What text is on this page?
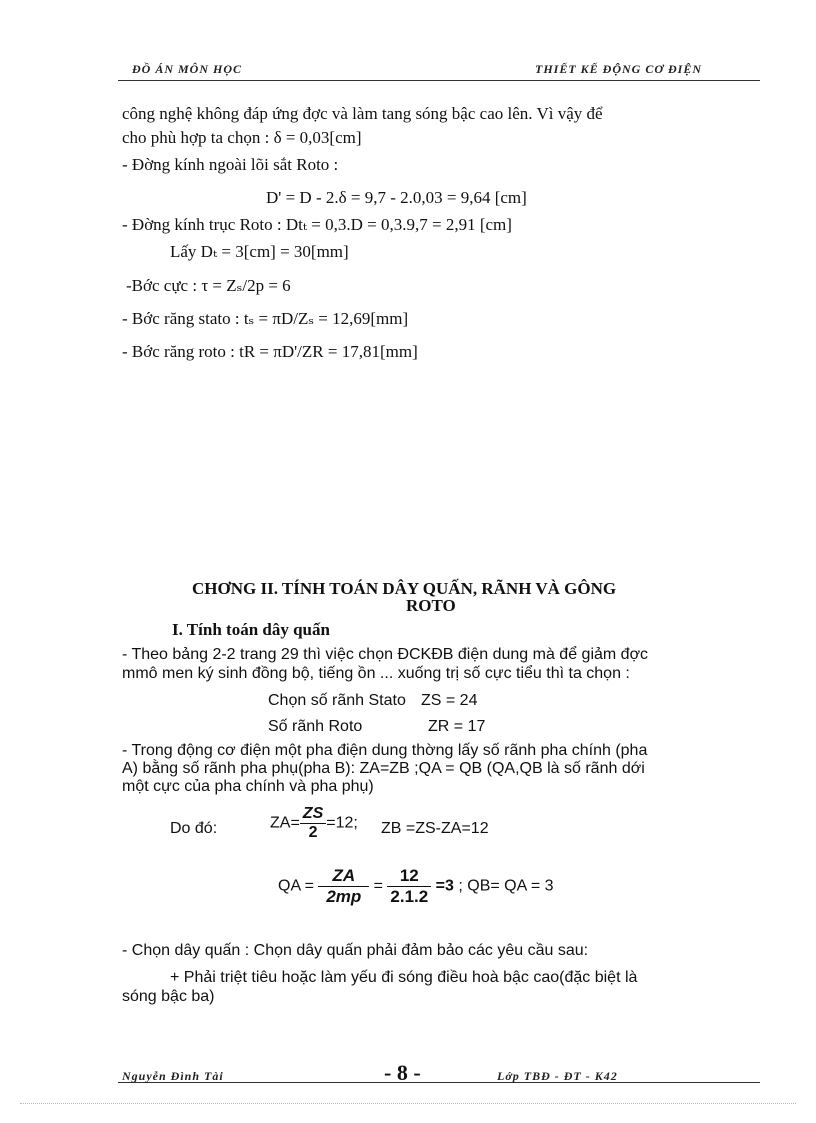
ĐỒ ÁN MÔN HỌC	THIẾT KẾ ĐỘNG CƠ ĐIỆN
công nghệ không đáp ứng đợc và làm tang sóng bậc cao lên. Vì vậy để
cho phù hợp ta chọn : δ = 0,03[cm]
- Đờng kính ngoài lõi sắt Roto :
D' = D - 2.δ = 9,7 - 2.0,03 = 9,64 [cm]
- Đờng kính trục Roto : Dtₜ = 0,3.D = 0,3.9,7 = 2,91 [cm]
Lấy Dₜ = 3[cm] = 30[mm]
-Bớc cực : τ = Zₛ/2p = 6
- Bớc răng stato : tₛ = πD/Zₛ = 12,69[mm]
- Bớc răng roto : tR = πD'/ZR = 17,81[mm]
CHƠNG II. TÍNH TOÁN DÂY QUẤN, RÃNH VÀ GÔNG
ROTO
I. Tính toán dây quấn
- Theo bảng 2-2 trang 29 thì việc chọn ĐCKĐB điện dung mà để giảm đợc
mmô men ký sinh đồng bộ, tiếng ồn ... xuống trị số cực tiểu thì ta chọn :
Chọn số rãnh Stato ZS = 24
Số rãnh Roto	ZR = 17
- Trong động cơ điện một pha điện dung thờng lấy số rãnh pha chính (pha
A) bằng số rãnh pha phụ(pha B): ZA=ZB ;QA = QB (QA,QB là số rãnh dới
một cực của pha chính và pha phụ)
Do đó:	$ZA= \frac{ZS}{2} =12$; ZB =ZS-ZA=12
QA = $\frac{ZA}{2mp} = \frac{12}{2.1.2} =3$ ; QB= QA = 3
- Chọn dây quấn : Chọn dây quấn phải đảm bảo các yêu cầu sau:
+ Phải triệt tiêu hoặc làm yếu đi sóng điều hoà bậc cao(đặc biệt là
sóng bậc ba)
Nguyễn Đình Tài	- 8 -	Lớp TBĐ - ĐT - K42
